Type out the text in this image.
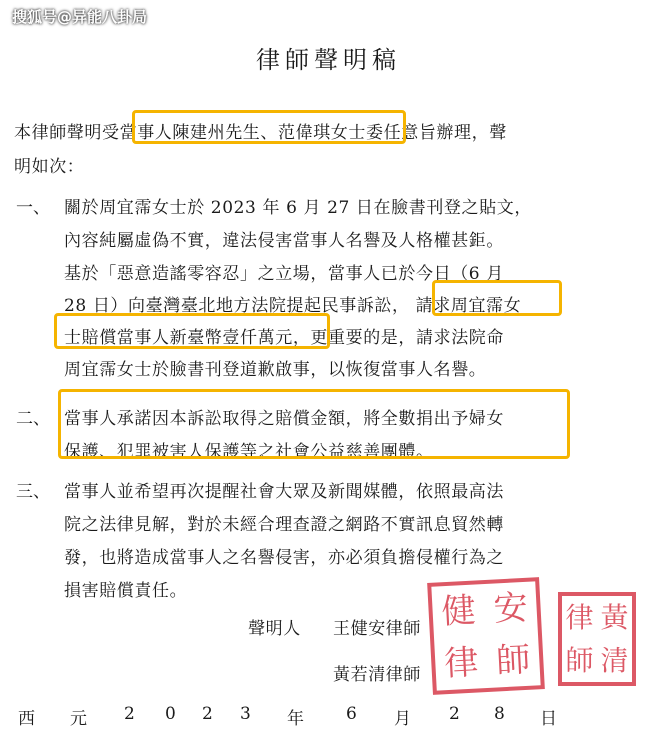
搜狐号@异能八卦局
律師聲明稿
本律師聲明受當事人陳建州先生、范偉琪女士委任意旨辦理，聲
明如次：
一、 關於周宜霈女士於 2023 年 6 月 27 日在臉書刊登之貼文，
內容純屬虛偽不實，違法侵害當事人名譽及人格權甚鉅。
基於「惡意造謠零容忍」之立場，當事人已於今日（6 月
28 日）向臺灣臺北地方法院提起民事訴訟， 請求周宜霈女
士賠償當事人新臺幣壹仟萬元，更重要的是，請求法院命
周宜霈女士於臉書刊登道歉啟事，以恢復當事人名譽。
二、 當事人承諾因本訴訟取得之賠償金額，將全數捐出予婦女
保護、犯罪被害人保護等之社會公益慈善團體。
三、 當事人並希望再次提醒社會大眾及新聞媒體，依照最高法
院之法律見解，對於未經合理查證之網路不實訊息貿然轉
發，也將造成當事人之名譽侵害，亦必須負擔侵權行為之
損害賠償責任。	健 安
律 師
律 黃
師 清
聲明人 王健安律師
黃若清律師
西 元 2 0 2 3 年 6 月 2 8 日
